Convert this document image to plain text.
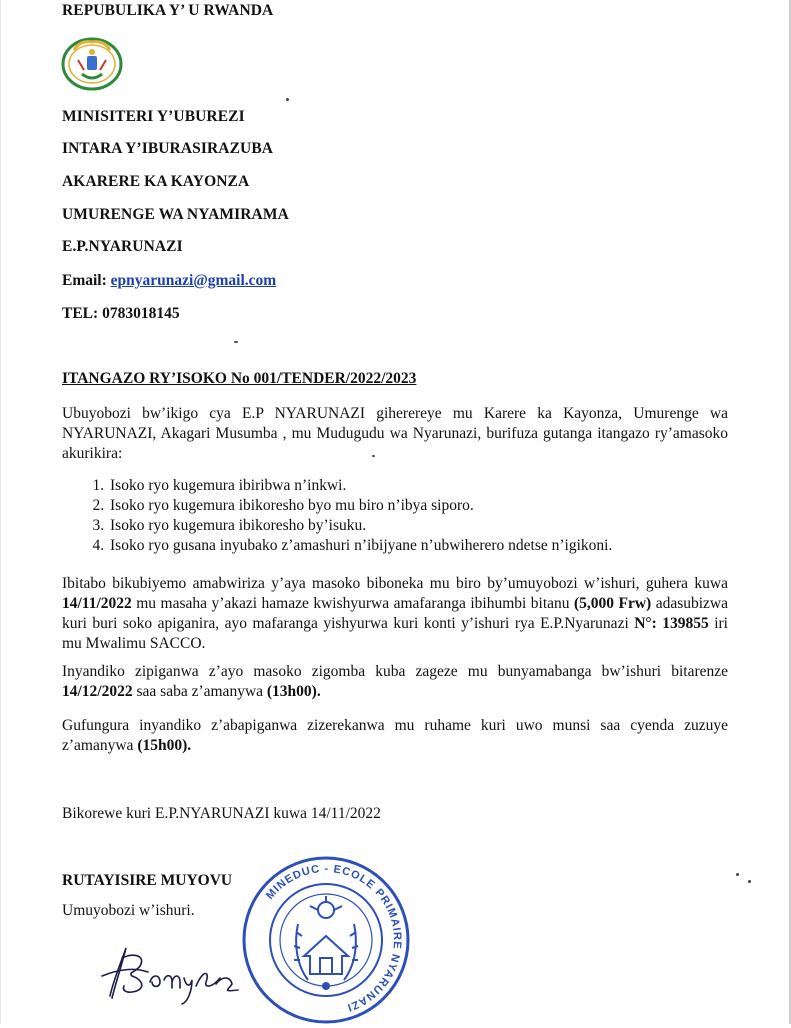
REPUBULIKA Y’ U RWANDA
MINISITERI Y’UBUREZI
INTARA Y’IBURASIRAZUBA
AKARERE KA KAYONZA
UMURENGE WA NYAMIRAMA
E.P.NYARUNAZI
Email: epnyarunazi@gmail.com
TEL: 0783018145
ITANGAZO RY’ISOKO No 001/TENDER/2022/2023
Ubuyobozi bw’ikigo cya E.P NYARUNAZI giherereye mu Karere ka Kayonza, Umurenge wa NYARUNAZI, Akagari Musumba , mu Mudugudu wa Nyarunazi, burifuza gutanga itangazo ry’amasoko akurikira:
1. Isoko ryo kugemura ibiribwa n’inkwi.
2. Isoko ryo kugemura ibikoresho byo mu biro n’ibya siporo.
3. Isoko ryo kugemura ibikoresho by’isuku.
4. Isoko ryo gusana inyubako z’amashuri n’ibijyane n’ubwiherero ndetse n’igikoni.
Ibitabo bikubiyemo amabwiriza y’aya masoko biboneka mu biro by’umuyobozi w’ishuri, guhera kuwa 14/11/2022 mu masaha y’akazi hamaze kwishyurwa amafaranga ibihumbi bitanu (5,000 Frw) adasubizwa kuri buri soko apiganira, ayo mafaranga yishyurwa kuri konti y’ishuri rya E.P.Nyarunazi N°: 139855 iri mu Mwalimu SACCO.
Inyandiko zipiganwa z’ayo masoko zigomba kuba zageze mu bunyamabanga bw’ishuri bitarenze 14/12/2022 saa saba z’amanywa (13h00).
Gufungura inyandiko z’abapiganwa zizerekanwa mu ruhame kuri uwo munsi saa cyenda zuzuye z’amanywa (15h00).
Bikorewe kuri E.P.NYARUNAZI kuwa 14/11/2022
RUTAYISIRE MUYOVU
Umuyobozi w’ishuri.
MINEDUC - ECOLE PRIMAIRE NYARUNAZI
